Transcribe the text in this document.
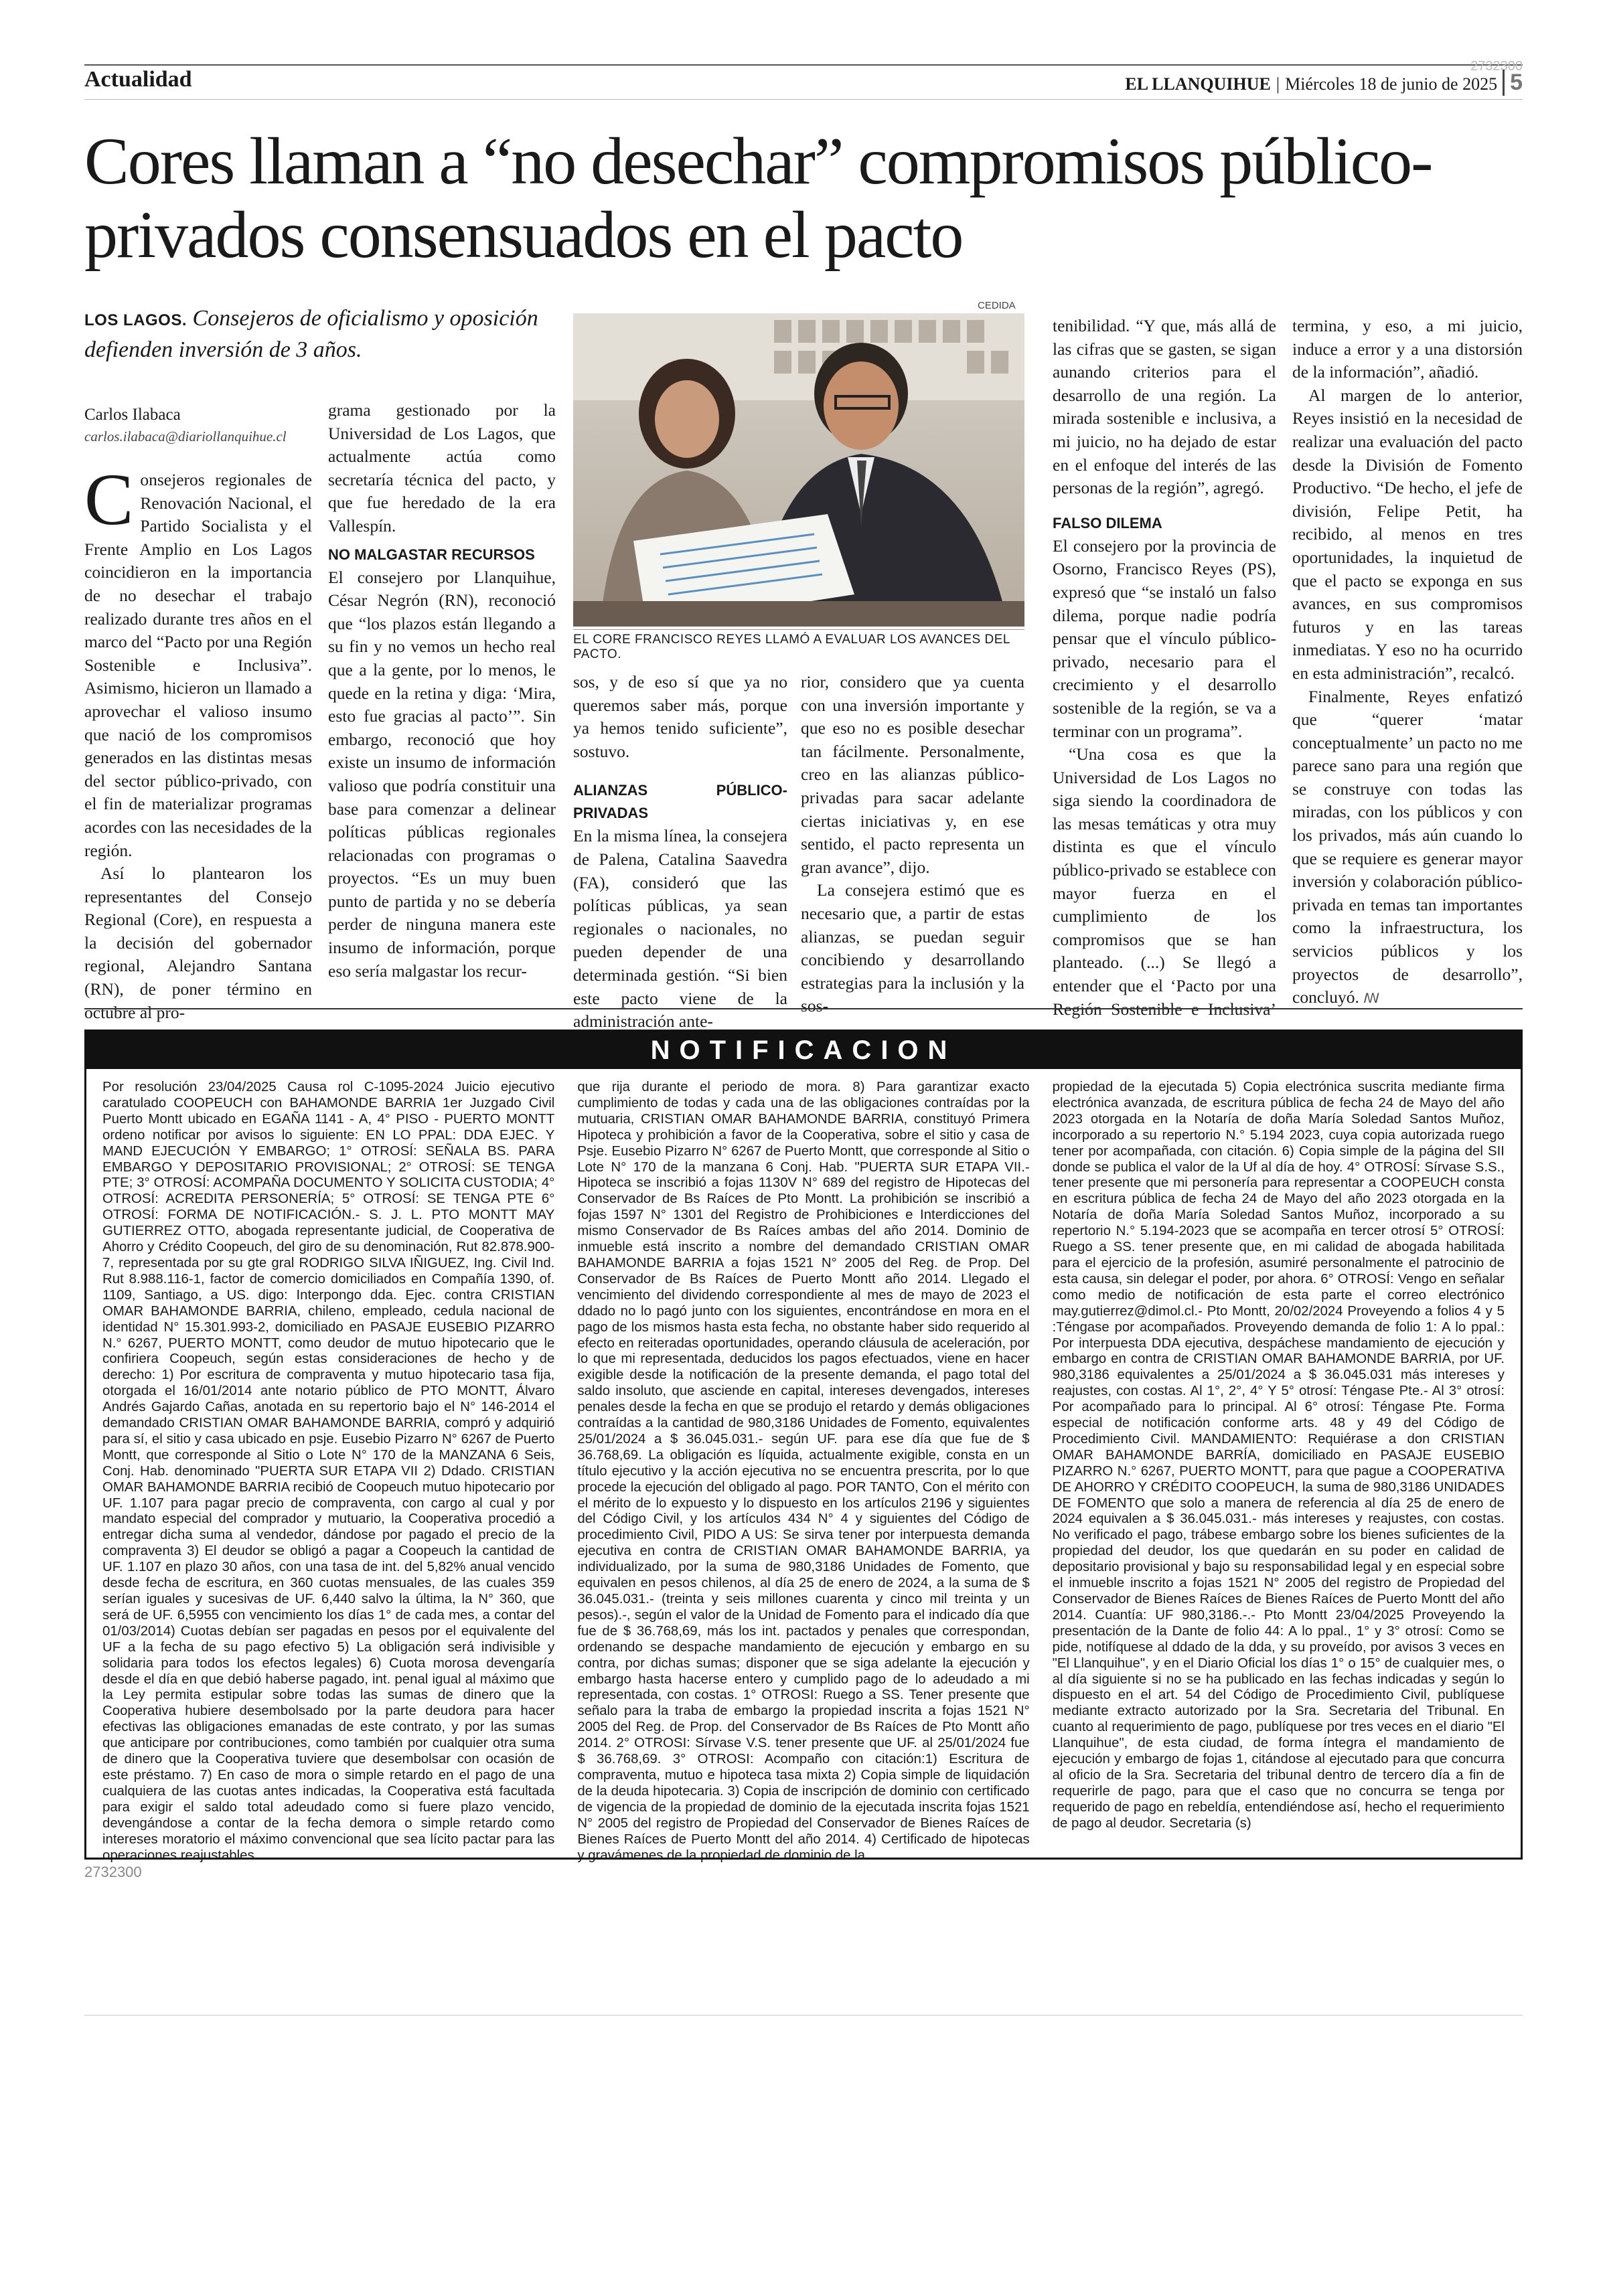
2732300
Actualidad	EL LLANQUIHUE | Miércoles 18 de junio de 2025 5
Cores llaman a “no desechar” compromisos público-privados consensuados en el pacto
LOS LAGOS. Consejeros de oficialismo y oposición defienden inversión de 3 años.
Carlos Ilabaca
carlos.ilabaca@diariollanquihue.cl

Consejeros regionales de Renovación Nacional, el Partido Socialista y el Frente Amplio en Los Lagos coincidieron en la importancia de no desechar el trabajo realizado durante tres años en el marco del “Pacto por una Región Sostenible e Inclusiva”. Asimismo, hicieron un llamado a aprovechar el valioso insumo que nació de los compromisos generados en las distintas mesas del sector público-privado, con el fin de materializar programas acordes con las necesidades de la región.

Así lo plantearon los representantes del Consejo Regional (Core), en respuesta a la decisión del gobernador regional, Alejandro Santana (RN), de poner término en octubre al pro-

grama gestionado por la Universidad de Los Lagos, que actualmente actúa como secretaría técnica del pacto, y que fue heredado de la era Vallespín.

NO MALGASTAR RECURSOS

El consejero por Llanquihue, César Negrón (RN), reconoció que “los plazos están llegando a su fin y no vemos un hecho real que a la gente, por lo menos, le quede en la retina y diga: ‘Mira, esto fue gracias al pacto’”. Sin embargo, reconoció que hoy existe un insumo de información valioso que podría constituir una base para comenzar a delinear políticas públicas regionales relacionadas con programas o proyectos. “Es un muy buen punto de partida y no se debería perder de ninguna manera este insumo de información, porque eso sería malgastar los recur-

CEDIDA
EL CORE FRANCISCO REYES LLAMÓ A EVALUAR LOS AVANCES DEL PACTO.

sos, y de eso sí que ya no queremos saber más, porque ya hemos tenido suficiente”, sostuvo.

ALIANZAS PÚBLICO-PRIVADAS

En la misma línea, la consejera de Palena, Catalina Saavedra (FA), consideró que las políticas públicas, ya sean regionales o nacionales, no pueden depender de una determinada gestión. “Si bien este pacto viene de la administración ante-

rior, considero que ya cuenta con una inversión importante y que eso no es posible desechar tan fácilmente. Personalmente, creo en las alianzas público-privadas para sacar adelante ciertas iniciativas y, en ese sentido, el pacto representa un gran avance”, dijo.

La consejera estimó que es necesario que, a partir de estas alianzas, se puedan seguir concibiendo y desarrollando estrategias para la inclusión y la sos-

tenibilidad. “Y que, más allá de las cifras que se gasten, se sigan aunando criterios para el desarrollo de una región. La mirada sostenible e inclusiva, a mi juicio, no ha dejado de estar en el enfoque del interés de las personas de la región”, agregó.

FALSO DILEMA

El consejero por la provincia de Osorno, Francisco Reyes (PS), expresó que “se instaló un falso dilema, porque nadie podría pensar que el vínculo público-privado, necesario para el crecimiento y el desarrollo sostenible de la región, se va a terminar con un programa”.

“Una cosa es que la Universidad de Los Lagos no siga siendo la coordinadora de las mesas temáticas y otra muy distinta es que el vínculo público-privado se establece con mayor fuerza en el cumplimiento de los compromisos que se han planteado. (...) Se llegó a entender que el ‘Pacto por una Región Sostenible e Inclusiva’

termina, y eso, a mi juicio, induce a error y a una distorsión de la información”, añadió.

Al margen de lo anterior, Reyes insistió en la necesidad de realizar una evaluación del pacto desde la División de Fomento Productivo. “De hecho, el jefe de división, Felipe Petit, ha recibido, al menos en tres oportunidades, la inquietud de que el pacto se exponga en sus avances, en sus compromisos futuros y en las tareas inmediatas. Y eso no ha ocurrido en esta administración”, recalcó.

Finalmente, Reyes enfatizó que “querer ‘matar conceptualmente’ un pacto no me parece sano para una región que se construye con todas las miradas, con los públicos y con los privados, más aún cuando lo que se requiere es generar mayor inversión y colaboración público-privada en temas tan importantes como la infraestructura, los servicios públicos y los proyectos de desarrollo”, concluyó. ꟿ

NOTIFICACION
Por resolución 23/04/2025 Causa rol C-1095-2024 Juicio ejecutivo caratulado COOPEUCH con BAHAMONDE BARRIA 1er Juzgado Civil Puerto Montt ubicado en EGAÑA 1141 - A, 4° PISO - PUERTO MONTT ordeno notificar por avisos lo siguiente: EN LO PPAL: DDA EJEC. Y MAND EJECUCIÓN Y EMBARGO; 1° OTROSÍ: SEÑALA BS. PARA EMBARGO Y DEPOSITARIO PROVISIONAL; 2° OTROSÍ: SE TENGA PTE; 3° OTROSÍ: ACOMPAÑA DOCUMENTO Y SOLICITA CUSTODIA; 4° OTROSÍ: ACREDITA PERSONERÍA; 5° OTROSÍ: SE TENGA PTE 6° OTROSÍ: FORMA DE NOTIFICACIÓN.- S. J. L. PTO MONTT MAY GUTIERREZ OTTO, abogada representante judicial, de Cooperativa de Ahorro y Crédito Coopeuch, del giro de su denominación, Rut 82.878.900-7, representada por su gte gral RODRIGO SILVA IÑIGUEZ, Ing. Civil Ind. Rut 8.988.116-1, factor de comercio domiciliados en Compañía 1390, of. 1109, Santiago, a US. digo: Interpongo dda. Ejec. contra CRISTIAN OMAR BAHAMONDE BARRIA, chileno, empleado, cedula nacional de identidad N° 15.301.993-2, domiciliado en PASAJE EUSEBIO PIZARRO N.° 6267, PUERTO MONTT, como deudor de mutuo hipotecario que le confiriera Coopeuch, según estas consideraciones de hecho y de derecho: 1) Por escritura de compraventa y mutuo hipotecario tasa fija, otorgada el 16/01/2014 ante notario público de PTO MONTT, Álvaro Andrés Gajardo Cañas, anotada en su repertorio bajo el N° 146-2014 el demandado CRISTIAN OMAR BAHAMONDE BARRIA, compró y adquirió para sí, el sitio y casa ubicado en psje. Eusebio Pizarro N° 6267 de Puerto Montt, que corresponde al Sitio o Lote N° 170 de la MANZANA 6 Seis, Conj. Hab. denominado "PUERTA SUR ETAPA VII 2) Ddado. CRISTIAN OMAR BAHAMONDE BARRIA recibió de Coopeuch mutuo hipotecario por UF. 1.107 para pagar precio de compraventa, con cargo al cual y por mandato especial del comprador y mutuario, la Cooperativa procedió a entregar dicha suma al vendedor, dándose por pagado el precio de la compraventa 3) El deudor se obligó a pagar a Coopeuch la cantidad de UF. 1.107 en plazo 30 años, con una tasa de int. del 5,82% anual vencido desde fecha de escritura, en 360 cuotas mensuales, de las cuales 359 serían iguales y sucesivas de UF. 6,440 salvo la última, la N° 360, que será de UF. 6,5955 con vencimiento los días 1° de cada mes, a contar del 01/03/2014) Cuotas debían ser pagadas en pesos por el equivalente del UF a la fecha de su pago efectivo 5) La obligación será indivisible y solidaria para todos los efectos legales) 6) Cuota morosa devengaría desde el día en que debió haberse pagado, int. penal igual al máximo que la Ley permita estipular sobre todas las sumas de dinero que la Cooperativa hubiere desembolsado por la parte deudora para hacer efectivas las obligaciones emanadas de este contrato, y por las sumas que anticipare por contribuciones, como también por cualquier otra suma de dinero que la Cooperativa tuviere que desembolsar con ocasión de este préstamo. 7) En caso de mora o simple retardo en el pago de una cualquiera de las cuotas antes indicadas, la Cooperativa está facultada para exigir el saldo total adeudado como si fuere plazo vencido, devengándose a contar de la fecha demora o simple retardo como intereses moratorio el máximo convencional que sea lícito pactar para las operaciones reajustables
que rija durante el periodo de mora. 8) Para garantizar exacto cumplimiento de todas y cada una de las obligaciones contraídas por la mutuaria, CRISTIAN OMAR BAHAMONDE BARRIA, constituyó Primera Hipoteca y prohibición a favor de la Cooperativa, sobre el sitio y casa de Psje. Eusebio Pizarro N° 6267 de Puerto Montt, que corresponde al Sitio o Lote N° 170 de la manzana 6 Conj. Hab. "PUERTA SUR ETAPA VII.- Hipoteca se inscribió a fojas 1130V N° 689 del registro de Hipotecas del Conservador de Bs Raíces de Pto Montt. La prohibición se inscribió a fojas 1597 N° 1301 del Registro de Prohibiciones e Interdicciones del mismo Conservador de Bs Raíces ambas del año 2014. Dominio de inmueble está inscrito a nombre del demandado CRISTIAN OMAR BAHAMONDE BARRIA a fojas 1521 N° 2005 del Reg. de Prop. Del Conservador de Bs Raíces de Puerto Montt año 2014. Llegado el vencimiento del dividendo correspondiente al mes de mayo de 2023 el ddado no lo pagó junto con los siguientes, encontrándose en mora en el pago de los mismos hasta esta fecha, no obstante haber sido requerido al efecto en reiteradas oportunidades, operando cláusula de aceleración, por lo que mi representada, deducidos los pagos efectuados, viene en hacer exigible desde la notificación de la presente demanda, el pago total del saldo insoluto, que asciende en capital, intereses devengados, intereses penales desde la fecha en que se produjo el retardo y demás obligaciones contraídas a la cantidad de 980,3186 Unidades de Fomento, equivalentes 25/01/2024 a $ 36.045.031.- según UF. para ese día que fue de $ 36.768,69. La obligación es líquida, actualmente exigible, consta en un título ejecutivo y la acción ejecutiva no se encuentra prescrita, por lo que procede la ejecución del obligado al pago. POR TANTO, Con el mérito con el mérito de lo expuesto y lo dispuesto en los artículos 2196 y siguientes del Código Civil, y los artículos 434 N° 4 y siguientes del Código de procedimiento Civil, PIDO A US: Se sirva tener por interpuesta demanda ejecutiva en contra de CRISTIAN OMAR BAHAMONDE BARRIA, ya individualizado, por la suma de 980,3186 Unidades de Fomento, que equivalen en pesos chilenos, al día 25 de enero de 2024, a la suma de $ 36.045.031.- (treinta y seis millones cuarenta y cinco mil treinta y un pesos).-, según el valor de la Unidad de Fomento para el indicado día que fue de $ 36.768,69, más los int. pactados y penales que correspondan, ordenando se despache mandamiento de ejecución y embargo en su contra, por dichas sumas; disponer que se siga adelante la ejecución y embargo hasta hacerse entero y cumplido pago de lo adeudado a mi representada, con costas. 1° OTROSI: Ruego a SS. Tener presente que señalo para la traba de embargo la propiedad inscrita a fojas 1521 N° 2005 del Reg. de Prop. del Conservador de Bs Raíces de Pto Montt año 2014. 2° OTROSI: Sírvase V.S. tener presente que UF. al 25/01/2024 fue $ 36.768,69. 3° OTROSI: Acompaño con citación:1) Escritura de compraventa, mutuo e hipoteca tasa mixta 2) Copia simple de liquidación de la deuda hipotecaria. 3) Copia de inscripción de dominio con certificado de vigencia de la propiedad de dominio de la ejecutada inscrita fojas 1521 N° 2005 del registro de Propiedad del Conservador de Bienes Raíces de Bienes Raíces de Puerto Montt del año 2014. 4) Certificado de hipotecas y gravámenes de la propiedad de dominio de la
propiedad de la ejecutada 5) Copia electrónica suscrita mediante firma electrónica avanzada, de escritura pública de fecha 24 de Mayo del año 2023 otorgada en la Notaría de doña María Soledad Santos Muñoz, incorporado a su repertorio N.° 5.194 2023, cuya copia autorizada ruego tener por acompañada, con citación. 6) Copia simple de la página del SII donde se publica el valor de la Uf al día de hoy. 4° OTROSÍ: Sírvase S.S., tener presente que mi personería para representar a COOPEUCH consta en escritura pública de fecha 24 de Mayo del año 2023 otorgada en la Notaría de doña María Soledad Santos Muñoz, incorporado a su repertorio N.° 5.194-2023 que se acompaña en tercer otrosí 5° OTROSÍ: Ruego a SS. tener presente que, en mi calidad de abogada habilitada para el ejercicio de la profesión, asumiré personalmente el patrocinio de esta causa, sin delegar el poder, por ahora. 6° OTROSÍ: Vengo en señalar como medio de notificación de esta parte el correo electrónico may.gutierrez@dimol.cl.- Pto Montt, 20/02/2024 Proveyendo a folios 4 y 5 :Téngase por acompañados. Proveyendo demanda de folio 1: A lo ppal.: Por interpuesta DDA ejecutiva, despáchese mandamiento de ejecución y embargo en contra de CRISTIAN OMAR BAHAMONDE BARRIA, por UF. 980,3186 equivalentes a 25/01/2024 a $ 36.045.031 más intereses y reajustes, con costas. Al 1°, 2°, 4° Y 5° otrosí: Téngase Pte.- Al 3° otrosí: Por acompañado para lo principal. Al 6° otrosí: Téngase Pte. Forma especial de notificación conforme arts. 48 y 49 del Código de Procedimiento Civil. MANDAMIENTO: Requiérase a don CRISTIAN OMAR BAHAMONDE BARRÍA, domiciliado en PASAJE EUSEBIO PIZARRO N.° 6267, PUERTO MONTT, para que pague a COOPERATIVA DE AHORRO Y CRÉDITO COOPEUCH, la suma de 980,3186 UNIDADES DE FOMENTO que solo a manera de referencia al día 25 de enero de 2024 equivalen a $ 36.045.031.- más intereses y reajustes, con costas. No verificado el pago, trábese embargo sobre los bienes suficientes de la propiedad del deudor, los que quedarán en su poder en calidad de depositario provisional y bajo su responsabilidad legal y en especial sobre el inmueble inscrito a fojas 1521 N° 2005 del registro de Propiedad del Conservador de Bienes Raíces de Bienes Raíces de Puerto Montt del año 2014. Cuantía: UF 980,3186.-.- Pto Montt 23/04/2025 Proveyendo la presentación de la Dante de folio 44: A lo ppal., 1° y 3° otrosí: Como se pide, notifíquese al ddado de la dda, y su proveído, por avisos 3 veces en "El Llanquihue", y en el Diario Oficial los días 1° o 15° de cualquier mes, o al día siguiente si no se ha publicado en las fechas indicadas y según lo dispuesto en el art. 54 del Código de Procedimiento Civil, publíquese mediante extracto autorizado por la Sra. Secretaria del Tribunal. En cuanto al requerimiento de pago, publíquese por tres veces en el diario "El Llanquihue", de esta ciudad, de forma íntegra el mandamiento de ejecución y embargo de fojas 1, citándose al ejecutado para que concurra al oficio de la Sra. Secretaria del tribunal dentro de tercero día a fin de requerirle de pago, para que el caso que no concurra se tenga por requerido de pago en rebeldía, entendiéndose así, hecho el requerimiento de pago al deudor. Secretaria (s)
2732300
